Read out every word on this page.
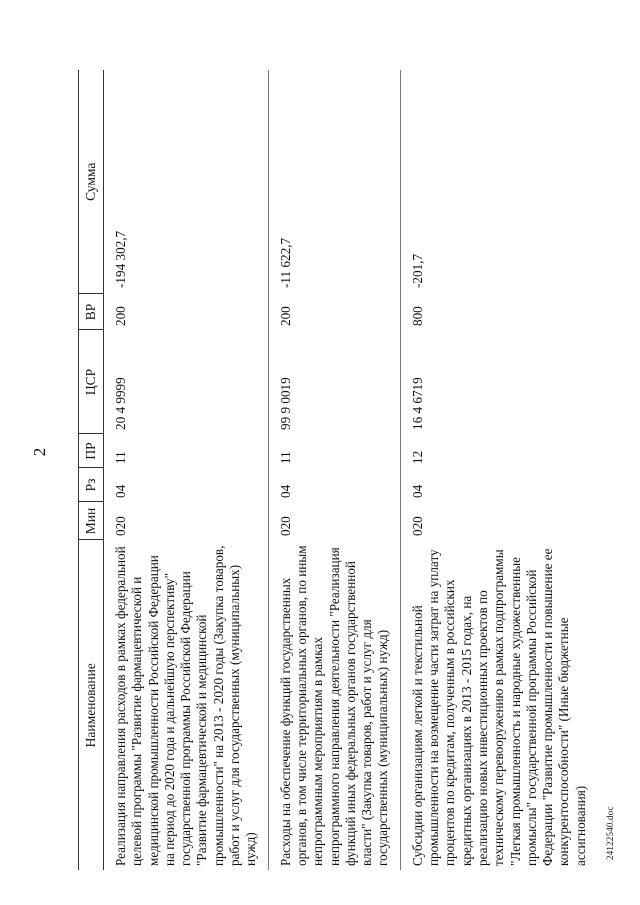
2
Наименование	Мин	Рз	ПР	ЦСР	ВР	Сумма
Реализация направления расходов в рамках федеральной целевой программы "Развитие фармацевтической и медицинской промышленности Российской Федерации на период до 2020 года и дальнейшую перспективу" государственной программы Российской Федерации "Развитие фармацевтической и медицинской промышленности" на 2013 - 2020 годы (Закупка товаров, работ и услуг для государственных (муниципальных) нужд)	020	04	11	20 4 9999	200	-194 302,7
Расходы на обеспечение функций государственных органов, в том числе территориальных органов, по иным непрограммным мероприятиям в рамках непрограммного направления деятельности "Реализация функций иных федеральных органов государственной власти" (Закупка товаров, работ и услуг для государственных (муниципальных) нужд)	020	04	11	99 9 0019	200	-11 622,7
Субсидии организациям легкой и текстильной промышленности на возмещение части затрат на уплату процентов по кредитам, полученным в российских кредитных организациях в 2013 - 2015 годах, на реализацию новых инвестиционных проектов по техническому перевооружению в рамках подпрограммы "Легкая промышленность и народные художественные промыслы" государственной программы Российской Федерации "Развитие промышленности и повышение ее конкурентоспособности" (Иные бюджетные ассигнования)	020	04	12	16 4 6719	800	-201,7
24122540.doc
